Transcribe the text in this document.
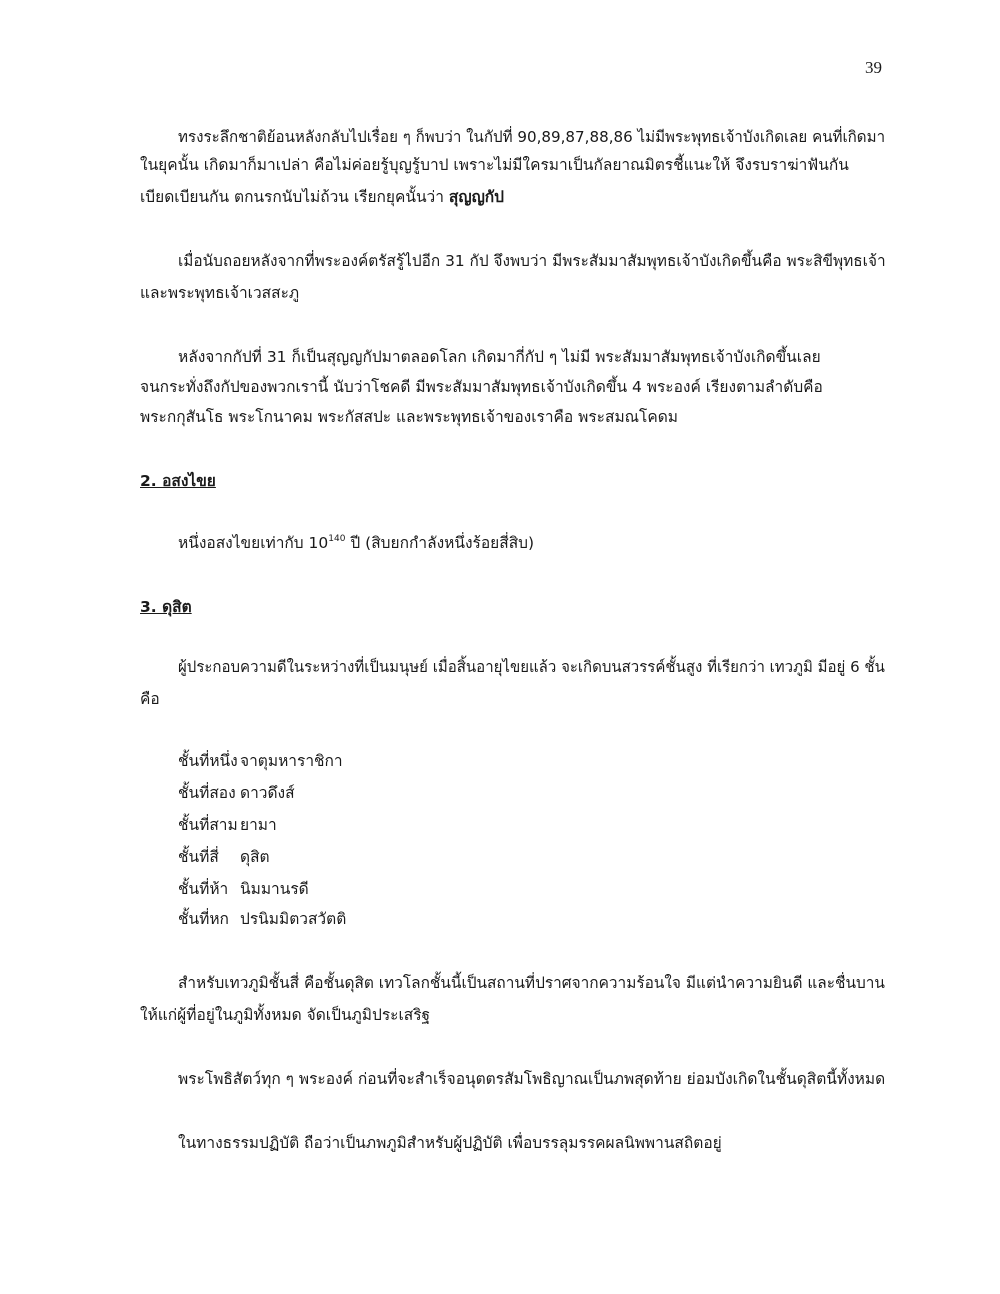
39
ทรงระลึกชาติย้อนหลังกลับไปเรื่อย ๆ ก็พบว่า ในกัปที่ 90,89,87,88,86 ไม่มีพระพุทธเจ้าบังเกิดเลย คนที่เกิดมา
ในยุคนั้น เกิดมาก็มาเปล่า คือไม่ค่อยรู้บุญรู้บาป เพราะไม่มีใครมาเป็นกัลยาณมิตรชี้แนะให้ จึงรบราฆ่าฟันกัน
เบียดเบียนกัน ตกนรกนับไม่ถ้วน เรียกยุคนั้นว่า สุญญกัป
เมื่อนับถอยหลังจากที่พระองค์ตรัสรู้ไปอีก 31 กัป จึงพบว่า มีพระสัมมาสัมพุทธเจ้าบังเกิดขึ้นคือ พระสิขีพุทธเจ้า
และพระพุทธเจ้าเวสสะภู
หลังจากกัปที่ 31 ก็เป็นสุญญกัปมาตลอดโลก เกิดมากี่กัป ๆ ไม่มี พระสัมมาสัมพุทธเจ้าบังเกิดขึ้นเลย
จนกระทั่งถึงกัปของพวกเรานี้ นับว่าโชคดี มีพระสัมมาสัมพุทธเจ้าบังเกิดขึ้น 4 พระองค์ เรียงตามลำดับคือ
พระกกุสันโธ พระโกนาคม พระกัสสปะ และพระพุทธเจ้าของเราคือ พระสมณโคดม
2. อสงไขย
หนึ่งอสงไขยเท่ากับ $10^{140}$ ปี (สิบยกกำลังหนึ่งร้อยสี่สิบ)
3. ดุสิต
ผู้ประกอบความดีในระหว่างที่เป็นมนุษย์ เมื่อสิ้นอายุไขยแล้ว จะเกิดบนสวรรค์ชั้นสูง ที่เรียกว่า เทวภูมิ มีอยู่ 6 ชั้น
คือ
ชั้นที่หนึ่ง จาตุมหาราชิกา
ชั้นที่สอง ดาวดึงส์
ชั้นที่สาม ยามา
ชั้นที่สี่ ดุสิต
ชั้นที่ห้า นิมมานรดี
ชั้นที่หก ปรนิมมิตวสวัตติ
สำหรับเทวภูมิชั้นสี่ คือชั้นดุสิต เทวโลกชั้นนี้เป็นสถานที่ปราศจากความร้อนใจ มีแต่นำความยินดี และชื่นบาน
ให้แก่ผู้ที่อยู่ในภูมิทั้งหมด จัดเป็นภูมิประเสริฐ
พระโพธิสัตว์ทุก ๆ พระองค์ ก่อนที่จะสำเร็จอนุตตรสัมโพธิญาณเป็นภพสุดท้าย ย่อมบังเกิดในชั้นดุสิตนี้ทั้งหมด
ในทางธรรมปฏิบัติ ถือว่าเป็นภพภูมิสำหรับผู้ปฏิบัติ เพื่อบรรลุมรรคผลนิพพานสถิตอยู่
